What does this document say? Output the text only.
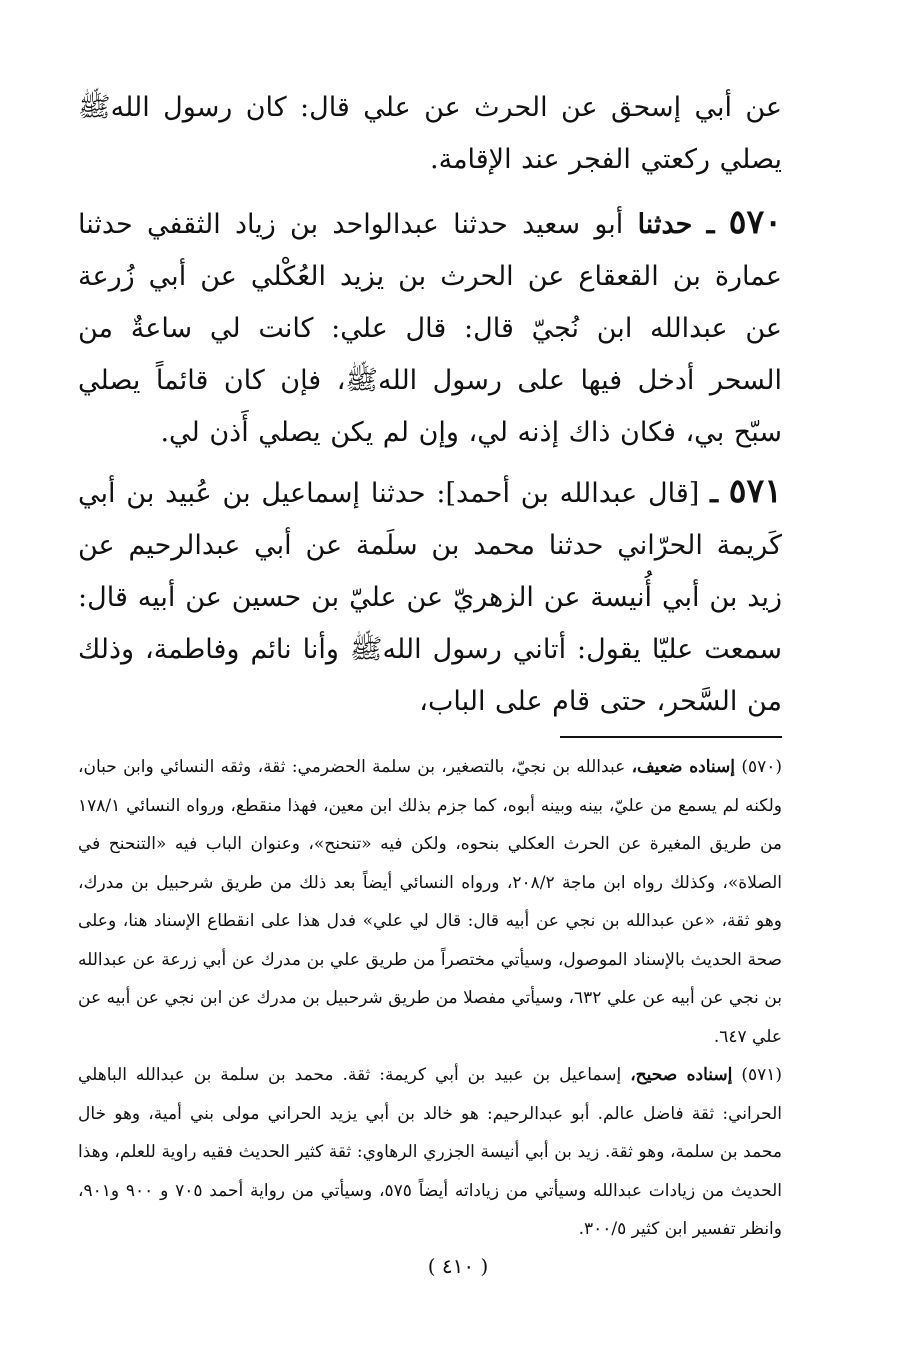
عن أبي إسحق عن الحرث عن علي قال: كان رسول اللهﷺ يصلي ركعتي الفجر عند الإقامة.

٥٧٠ ـ حدثنا أبو سعيد حدثنا عبدالواحد بن زياد الثقفي حدثنا عمارة بن القعقاع عن الحرث بن يزيد العُكْلي عن أبي زُرعة عن عبدالله ابن نُجيّ قال: قال علي: كانت لي ساعةٌ من السحر أدخل فيها على رسول اللهﷺ، فإن كان قائماً يصلي سبّح بي، فكان ذاك إذنه لي، وإن لم يكن يصلي أَذن لي.

٥٧١ ـ [قال عبدالله بن أحمد]: حدثنا إسماعيل بن عُبيد بن أبي كَريمة الحرّاني حدثنا محمد بن سلَمة عن أبي عبدالرحيم عن زيد بن أبي أُنيسة عن الزهريّ عن عليّ بن حسين عن أبيه قال: سمعت عليّا يقول: أتاني رسول اللهﷺ وأنا نائم وفاطمة، وذلك من السَّحر، حتى قام على الباب،

(٥٧٠) إسناده ضعيف، عبدالله بن نجيّ، بالتصغير، بن سلمة الحضرمي: ثقة، وثقه النسائي وابن حبان، ولكنه لم يسمع من عليّ، بينه وبينه أبوه، كما جزم بذلك ابن معين، فهذا منقطع، ورواه النسائي ١٧٨/١ من طريق المغيرة عن الحرث العكلي بنحوه، ولكن فيه «تنحنح»، وعنوان الباب فيه «التنحنح في الصلاة»، وكذلك رواه ابن ماجة ٢٠٨/٢، ورواه النسائي أيضاً بعد ذلك من طريق شرحبيل بن مدرك، وهو ثقة، «عن عبدالله بن نجي عن أبيه قال: قال لي علي» فدل هذا على انقطاع الإسناد هنا، وعلى صحة الحديث بالإسناد الموصول، وسيأتي مختصراً من طريق علي بن مدرك عن أبي زرعة عن عبدالله بن نجي عن أبيه عن علي ٦٣٢، وسيأتي مفصلا من طريق شرحبيل بن مدرك عن ابن نجي عن أبيه عن علي ٦٤٧.
(٥٧١) إسناده صحيح، إسماعيل بن عبيد بن أبي كريمة: ثقة. محمد بن سلمة بن عبدالله الباهلي الحراني: ثقة فاضل عالم. أبو عبدالرحيم: هو خالد بن أبي يزيد الحراني مولى بني أمية، وهو خال محمد بن سلمة، وهو ثقة. زيد بن أبي أنيسة الجزري الرهاوي: ثقة كثير الحديث فقيه راوية للعلم، وهذا الحديث من زيادات عبدالله وسيأتي من زياداته أيضاً ٥٧٥، وسيأتي من رواية أحمد ٧٠٥ و ٩٠٠ و٩٠١، وانظر تفسير ابن كثير ٣٠٠/٥.
( ٤١٠ )
